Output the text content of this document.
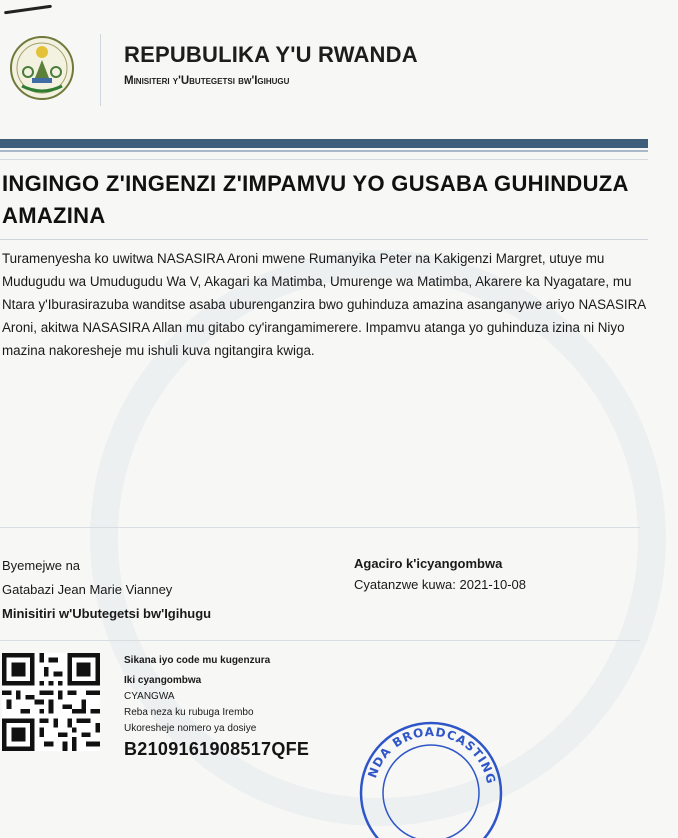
REPUBULIKA Y'U RWANDA
Minisiteri y'Ubutegetsi bw'Igihugu
INGINGO Z'INGENZI Z'IMPAMVU YO GUSABA GUHINDUZA AMAZINA

Turamenyesha ko uwitwa NASASIRA Aroni mwene Rumanyika Peter na Kakigenzi Margret, utuye mu Mudugudu wa Umudugudu Wa V, Akagari ka Matimba, Umurenge wa Matimba, Akarere ka Nyagatare, mu Ntara y'Iburasirazuba wanditse asaba uburenganzira bwo guhinduza amazina asanganywe ariyo NASASIRA Aroni, akitwa NASASIRA Allan mu gitabo cy'irangamimerere. Impamvu atanga yo guhinduza izina ni Niyo mazina nakoresheje mu ishuli kuva ngitangira kwiga.

Byemejwe na
Gatabazi Jean Marie Vianney
Minisitiri w'Ubutegetsi bw'Igihugu
Agaciro k'icyangombwa
Cyatanzwe kuwa: 2021-10-08
Sikana iyo code mu kugenzura
Iki cyangombwa
CYANGWA
Reba neza ku rubuga Irembo
Ukoresheje nomero ya dosiye
B2109161908517QFE
NDA BROADCASTING
